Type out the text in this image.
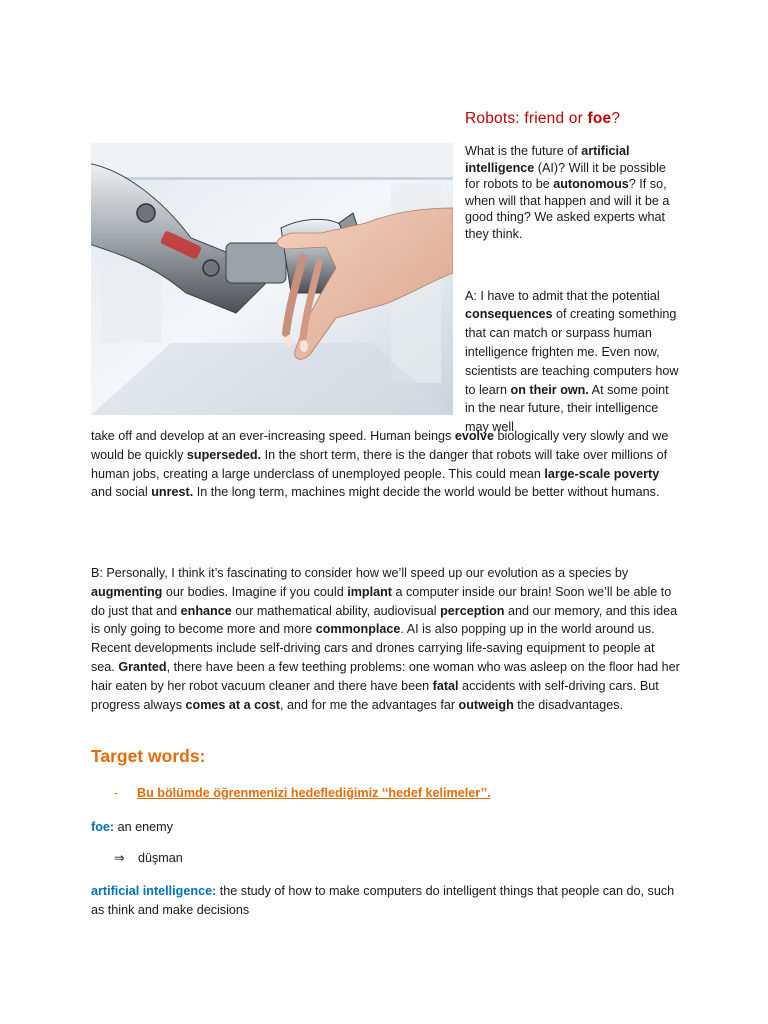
Robots: friend or foe?

What is the future of artificial intelligence (AI)? Will it be possible for robots to be autonomous? If so, when will that happen and will it be a good thing? We asked experts what they think.

A: I have to admit that the potential consequences of creating something that can match or surpass human intelligence frighten me. Even now, scientists are teaching computers how to learn on their own. At some point in the near future, their intelligence may well

take off and develop at an ever-increasing speed. Human beings evolve biologically very slowly and we would be quickly superseded. In the short term, there is the danger that robots will take over millions of human jobs, creating a large underclass of unemployed people. This could mean large-scale poverty and social unrest. In the long term, machines might decide the world would be better without humans.

B: Personally, I think it’s fascinating to consider how we’ll speed up our evolution as a species by augmenting our bodies. Imagine if you could implant a computer inside our brain! Soon we’ll be able to do just that and enhance our mathematical ability, audiovisual perception and our memory, and this idea is only going to become more and more commonplace. AI is also popping up in the world around us. Recent developments include self-driving cars and drones carrying life-saving equipment to people at sea. Granted, there have been a few teething problems: one woman who was asleep on the floor had her hair eaten by her robot vacuum cleaner and there have been fatal accidents with self-driving cars. But progress always comes at a cost, and for me the advantages far outweigh the disadvantages.

Target words:
- Bu bölümde öğrenmenizi hedeflediğimiz ‘‘hedef kelimeler’’.
foe: an enemy
⇒ düşman
artificial intelligence: the study of how to make computers do intelligent things that people can do, such as think and make decisions
